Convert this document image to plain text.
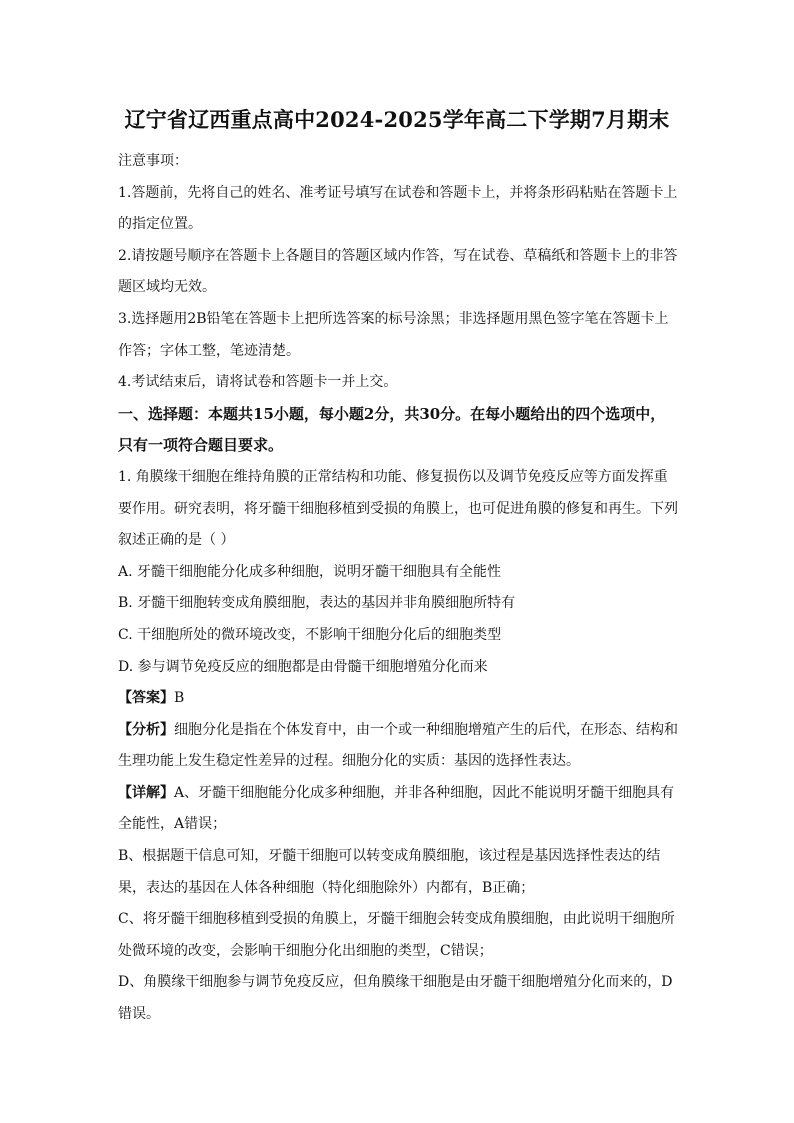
辽宁省辽西重点高中2024-2025学年高二下学期7月期末

注意事项：

1.答题前，先将自己的姓名、准考证号填写在试卷和答题卡上，并将条形码粘贴在答题卡上的指定位置。

2.请按题号顺序在答题卡上各题目的答题区域内作答，写在试卷、草稿纸和答题卡上的非答题区域均无效。

3.选择题用2B铅笔在答题卡上把所选答案的标号涂黑；非选择题用黑色签字笔在答题卡上作答；字体工整，笔迹清楚。

4.考试结束后，请将试卷和答题卡一并上交。

一、选择题：本题共15小题，每小题2分，共30分。在每小题给出的四个选项中，只有一项符合题目要求。

1. 角膜缘干细胞在维持角膜的正常结构和功能、修复损伤以及调节免疫反应等方面发挥重要作用。研究表明，将牙髓干细胞移植到受损的角膜上，也可促进角膜的修复和再生。下列叙述正确的是（ ）

A. 牙髓干细胞能分化成多种细胞，说明牙髓干细胞具有全能性

B. 牙髓干细胞转变成角膜细胞，表达的基因并非角膜细胞所特有

C. 干细胞所处的微环境改变，不影响干细胞分化后的细胞类型

D. 参与调节免疫反应的细胞都是由骨髓干细胞增殖分化而来

【答案】B

【分析】细胞分化是指在个体发育中，由一个或一种细胞增殖产生的后代，在形态、结构和生理功能上发生稳定性差异的过程。细胞分化的实质：基因的选择性表达。

【详解】A、牙髓干细胞能分化成多种细胞，并非各种细胞，因此不能说明牙髓干细胞具有全能性，A错误；

B、根据题干信息可知，牙髓干细胞可以转变成角膜细胞，该过程是基因选择性表达的结果，表达的基因在人体各种细胞（特化细胞除外）内都有，B正确；

C、将牙髓干细胞移植到受损的角膜上，牙髓干细胞会转变成角膜细胞，由此说明干细胞所处微环境的改变，会影响干细胞分化出细胞的类型，C错误；

D、角膜缘干细胞参与调节免疫反应，但角膜缘干细胞是由牙髓干细胞增殖分化而来的，D错误。
